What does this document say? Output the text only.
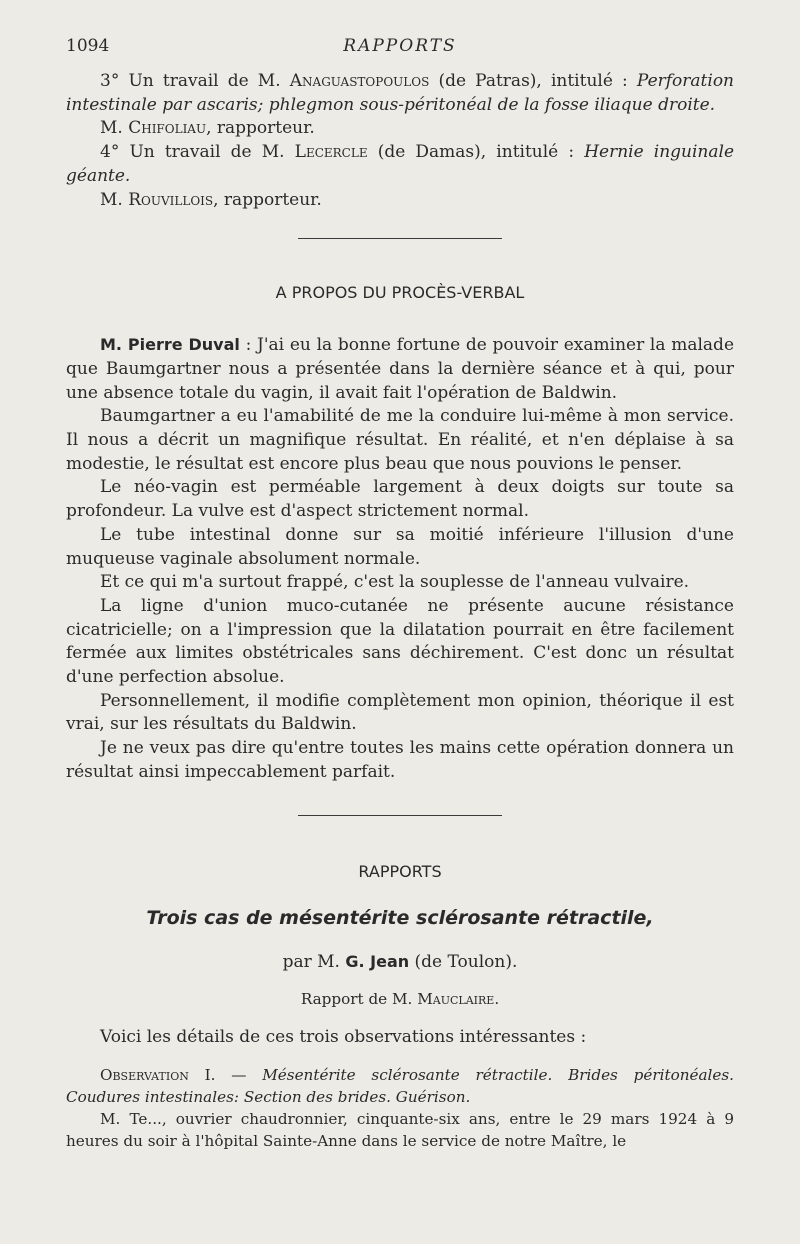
1094	RAPPORTS

3° Un travail de M. Anaguastopoulos (de Patras), intitulé : Perforation intestinale par ascaris; phlegmon sous-péritonéal de la fosse iliaque droite.

M. Chifoliau, rapporteur.

4° Un travail de M. Lecercle (de Damas), intitulé : Hernie inguinale géante.

M. Rouvillois, rapporteur.

A PROPOS DU PROCÈS-VERBAL

M. Pierre Duval : J'ai eu la bonne fortune de pouvoir examiner la malade que Baumgartner nous a présentée dans la dernière séance et à qui, pour une absence totale du vagin, il avait fait l'opération de Baldwin.

Baumgartner a eu l'amabilité de me la conduire lui-même à mon service. Il nous a décrit un magnifique résultat. En réalité, et n'en déplaise à sa modestie, le résultat est encore plus beau que nous pouvions le penser.

Le néo-vagin est perméable largement à deux doigts sur toute sa profondeur. La vulve est d'aspect strictement normal.

Le tube intestinal donne sur sa moitié inférieure l'illusion d'une muqueuse vaginale absolument normale.

Et ce qui m'a surtout frappé, c'est la souplesse de l'anneau vulvaire.

La ligne d'union muco-cutanée ne présente aucune résistance cicatricielle; on a l'impression que la dilatation pourrait en être facilement fermée aux limites obstétricales sans déchirement. C'est donc un résultat d'une perfection absolue.

Personnellement, il modifie complètement mon opinion, théorique il est vrai, sur les résultats du Baldwin.

Je ne veux pas dire qu'entre toutes les mains cette opération donnera un résultat ainsi impeccablement parfait.

RAPPORTS
Trois cas de mésentérite sclérosante rétractile,

par M. G. Jean (de Toulon).

Rapport de M. Mauclaire.

Voici les détails de ces trois observations intéressantes :

Observation I. — Mésentérite sclérosante rétractile. Brides péritonéales. Coudures intestinales: Section des brides. Guérison.

M. Te..., ouvrier chaudronnier, cinquante-six ans, entre le 29 mars 1924 à 9 heures du soir à l'hôpital Sainte-Anne dans le service de notre Maître, le
